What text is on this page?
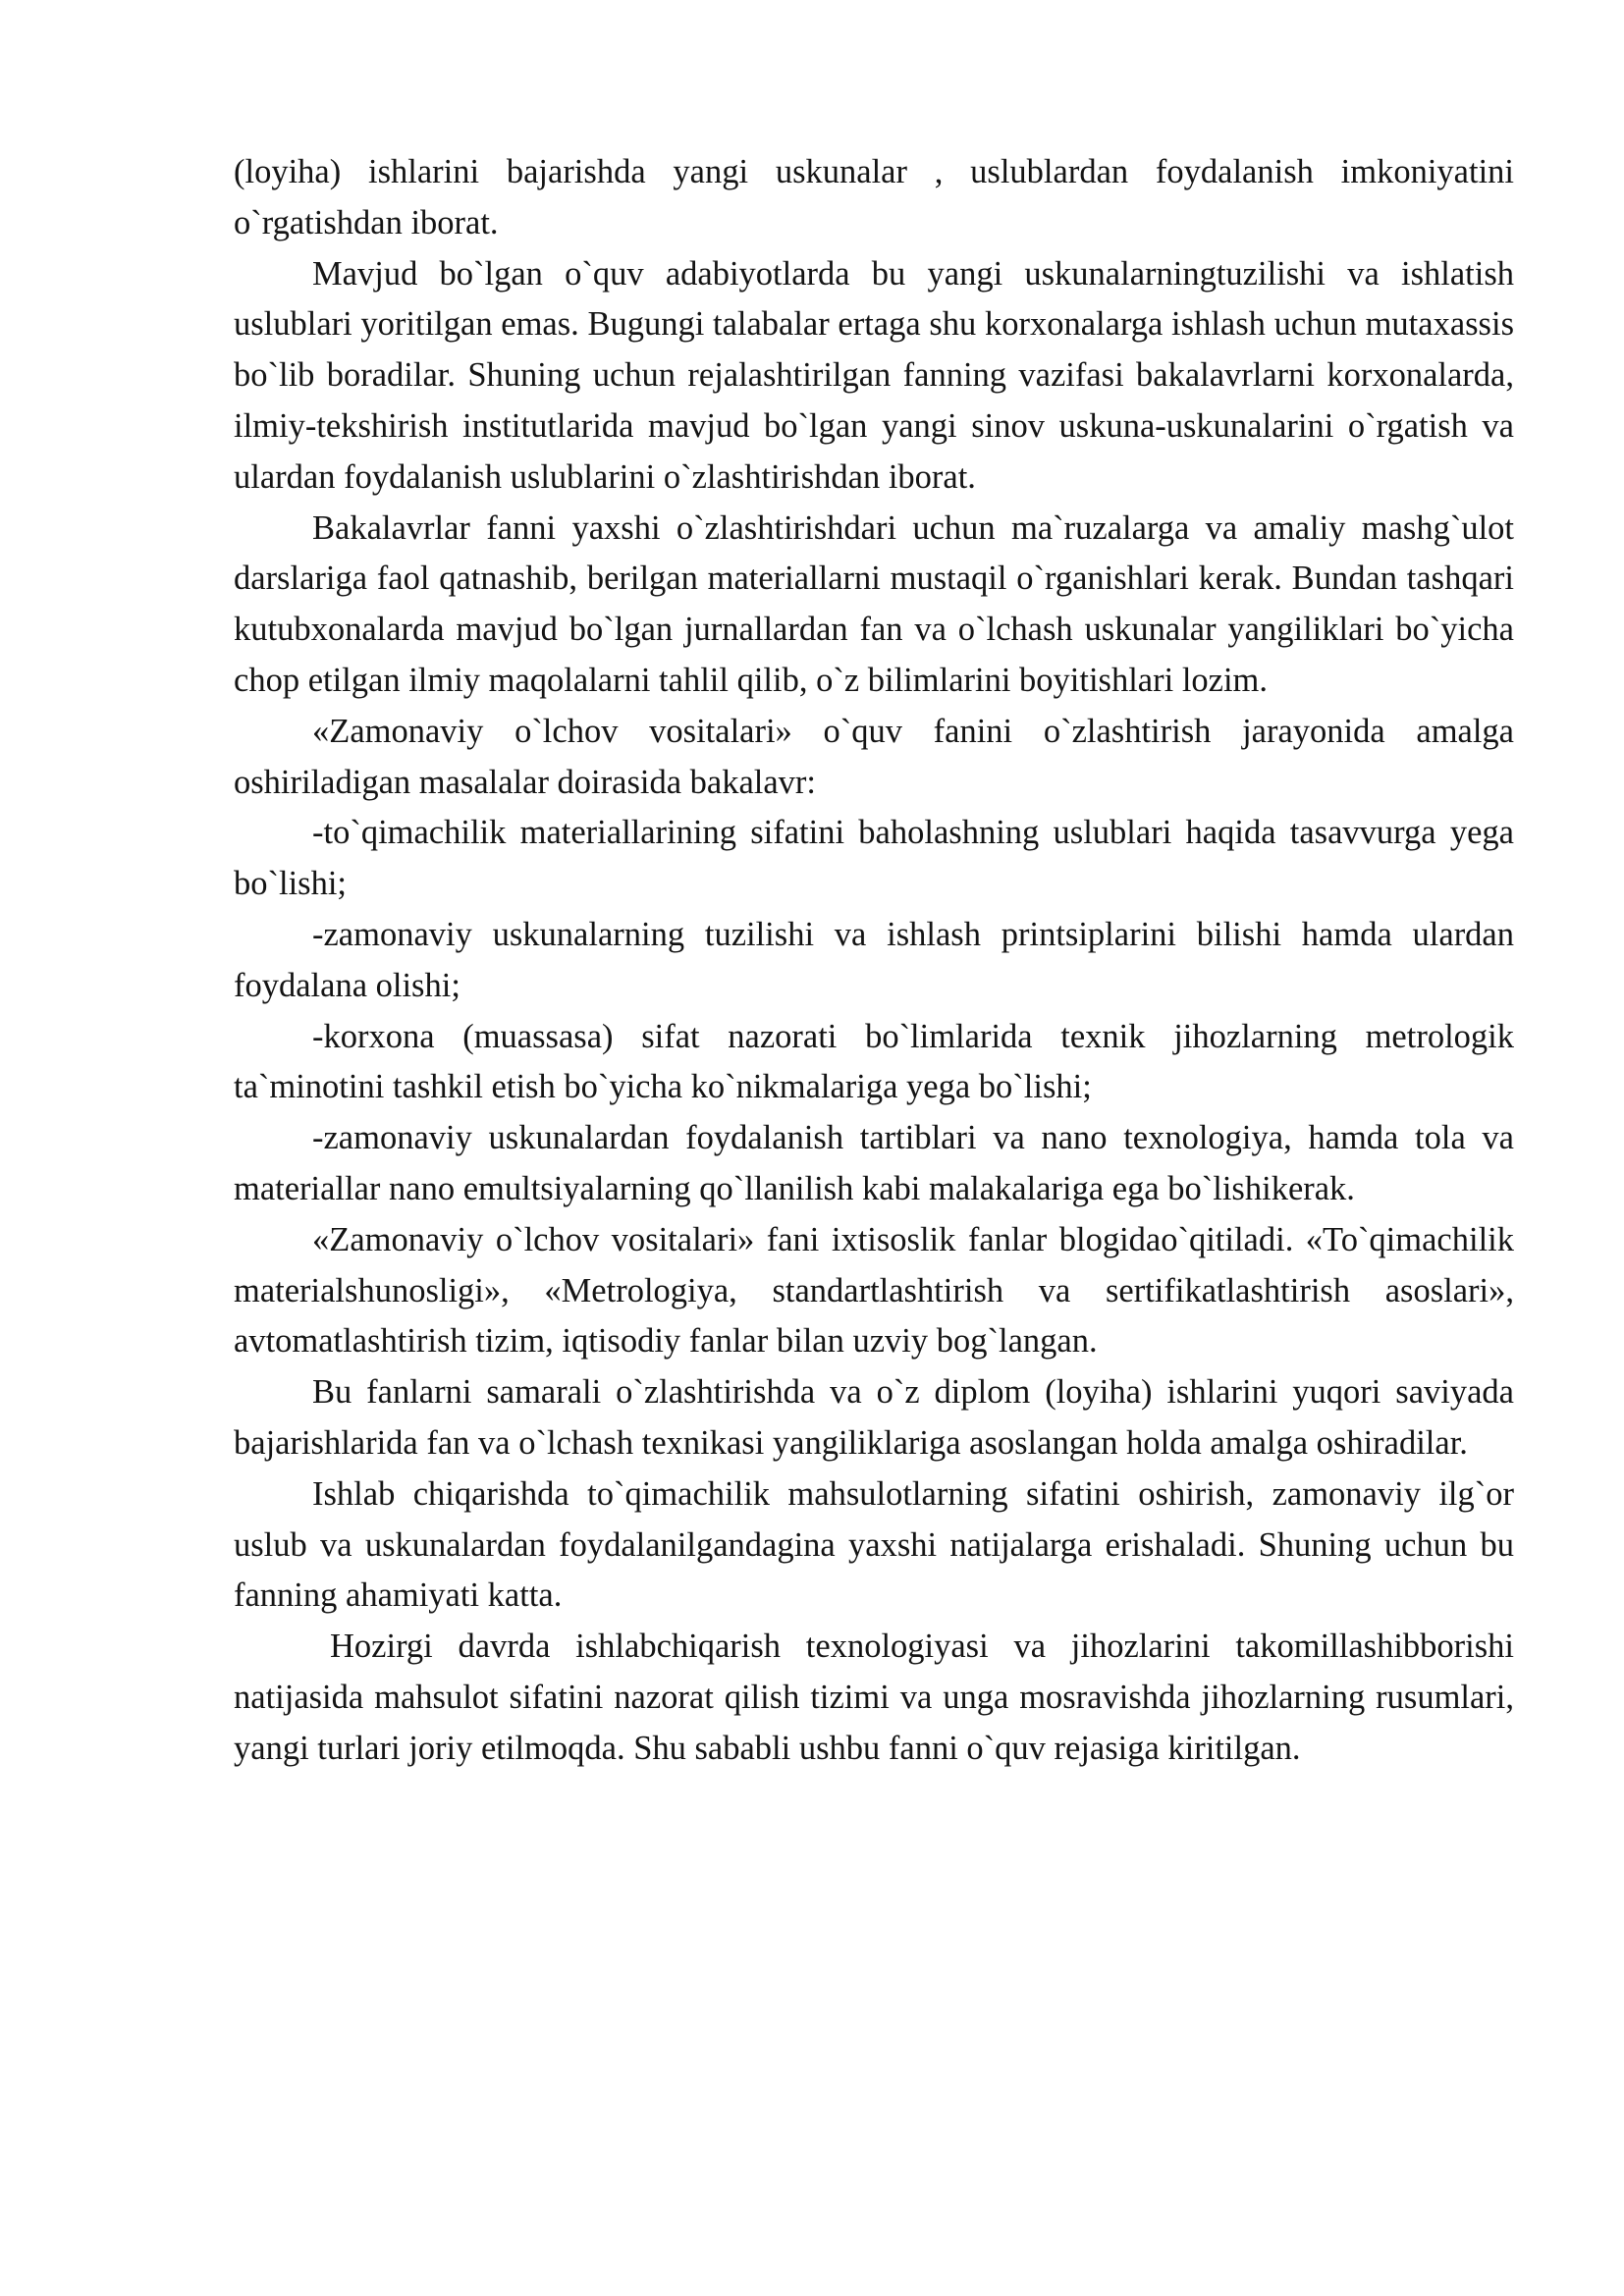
(loyiha) ishlarini bajarishda yangi uskunalar , uslublardan foydalanish imkoniyatini o`rgatishdan iborat.

Mavjud bo`lgan o`quv adabiyotlarda bu yangi uskunalarningtuzilishi va ishlatish uslublari yoritilgan emas. Bugungi talabalar ertaga shu korxonalarga ishlash uchun mutaxassis bo`lib boradilar. Shuning uchun rejalashtirilgan fanning vazifasi bakalavrlarni korxonalarda, ilmiy-tekshirish institutlarida mavjud bo`lgan yangi sinov uskuna-uskunalarini o`rgatish va ulardan foydalanish uslublarini o`zlashtirishdan iborat.

Bakalavrlar fanni yaxshi o`zlashtirishdari uchun ma`ruzalarga va amaliy mashg`ulot darslariga faol qatnashib, berilgan materiallarni mustaqil o`rganishlari kerak. Bundan tashqari kutubxonalarda mavjud bo`lgan jurnallardan fan va o`lchash uskunalar yangiliklari bo`yicha chop etilgan ilmiy maqolalarni tahlil qilib, o`z bilimlarini boyitishlari lozim.

«Zamonaviy o`lchov vositalari» o`quv fanini o`zlashtirish jarayonida amalga oshiriladigan masalalar doirasida bakalavr:

-to`qimachilik materiallarining sifatini baholashning uslublari haqida tasavvurga yega bo`lishi;

-zamonaviy uskunalarning tuzilishi va ishlash printsiplarini bilishi hamda ulardan foydalana olishi;

-korxona (muassasa) sifat nazorati bo`limlarida texnik jihozlarning metrologik ta`minotini tashkil etish bo`yicha ko`nikmalariga yega bo`lishi;

-zamonaviy uskunalardan foydalanish tartiblari va nano texnologiya, hamda tola va materiallar nano emultsiyalarning qo`llanilish kabi malakalariga ega bo`lishikerak.

«Zamonaviy o`lchov vositalari» fani ixtisoslik fanlar blogidao`qitiladi. «To`qimachilik materialshunosligi», «Metrologiya, standartlashtirish va sertifikatlashtirish asoslari», avtomatlashtirish tizim, iqtisodiy fanlar bilan uzviy bog`langan.

Bu fanlarni samarali o`zlashtirishda va o`z diplom (loyiha) ishlarini yuqori saviyada bajarishlarida fan va o`lchash texnikasi yangiliklariga asoslangan holda amalga oshiradilar.

Ishlab chiqarishda to`qimachilik mahsulotlarning sifatini oshirish, zamonaviy ilg`or uslub va uskunalardan foydalanilgandagina yaxshi natijalarga erishaladi. Shuning uchun bu fanning ahamiyati katta.

Hozirgi davrda ishlabchiqarish texnologiyasi va jihozlarini takomillashibborishi natijasida mahsulot sifatini nazorat qilish tizimi va unga mosravishda jihozlarning rusumlari, yangi turlari joriy etilmoqda. Shu sababli ushbu fanni o`quv rejasiga kiritilgan.
